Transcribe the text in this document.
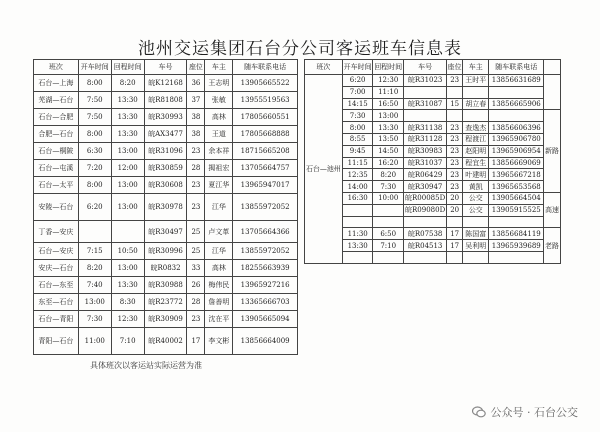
池州交运集团石台分公司客运班车信息表
班次	开车时间	回程时间	车号	座位	车主	随车联系电话
石台—上海	8:00	8:20	皖K12168	36	王志明	13905665522
芜湖—石台	7:50	13:30	皖R81808	37	张敏	13955519563
石台—合肥	7:50	13:30	皖R30993	38	高林	17805660551
合肥—石台	8:00	13:30	皖AX3477	38	王道	17805668888
石台—桐陂	6:30	13:00	皖R31096	23	余本祥	18715665208
石台—屯溪	7:20	12:00	皖R30859	28	揭祖宏	13705664757
石台—太平	8:00	13:00	皖R30608	23	夏江华	13965947017
安陵—石台	6:20	13:00	皖R30978	23	江华	13855972052
丁香—安庆			皖R30497	25	卢文革	13705664366
石台—安庆	7:15	10:50	皖R30996	25	江华	13855972052
安庆—石台	8:20	13:00	皖R0832	33	高林	18255663939
石台—东至	7:40	13:30	皖R30988	26	梅伟民	13965927216
东至—石台	13:00	8:30	皖R23772	28	詹善明	13365666703
石台—青阳	7:30	12:30	皖R30909	23	沈在平	13905665094
青阳—石台	11:00	7:10	皖R40002	17	李文彬	13856664009
班次	开车时间	回程时间	车号	座位	车主	随车联系电话	
石台—池州	6:20	12:30	皖R31023	23	王时平	13856631689	
	7:00	11:10					
	14:15	16:50	皖R31087	15	胡立春	13856665906	
	7:30	13:00					新路
	8:00	13:30	皖R31138	23	查逸杰	13856606396	
	8:55	13:50	皖R31128	23	程渡江	13965906780	
	9:45	14:50	皖R30983	23	赵阳明	13965906954	
	11:15	16:20	皖R31037	23	程宜生	13856669069	
	12:35	8:20	皖R06429	23	叶建明	13965667218	
	14:00	7:30	皖R30947	23	黄凯	13965653568	
	16:30	10:00	皖R00085D	20	公交	13905664504	高速
			皖R09080D	20	公交	13905915525	

	11:30	6:50	皖R07538	17	陈国富	13856684119	老路
	13:30	7:10	皖R04513	17	吴利明	13965939689	

具体班次以客运站实际运营为准
公众号 · 石台公交
